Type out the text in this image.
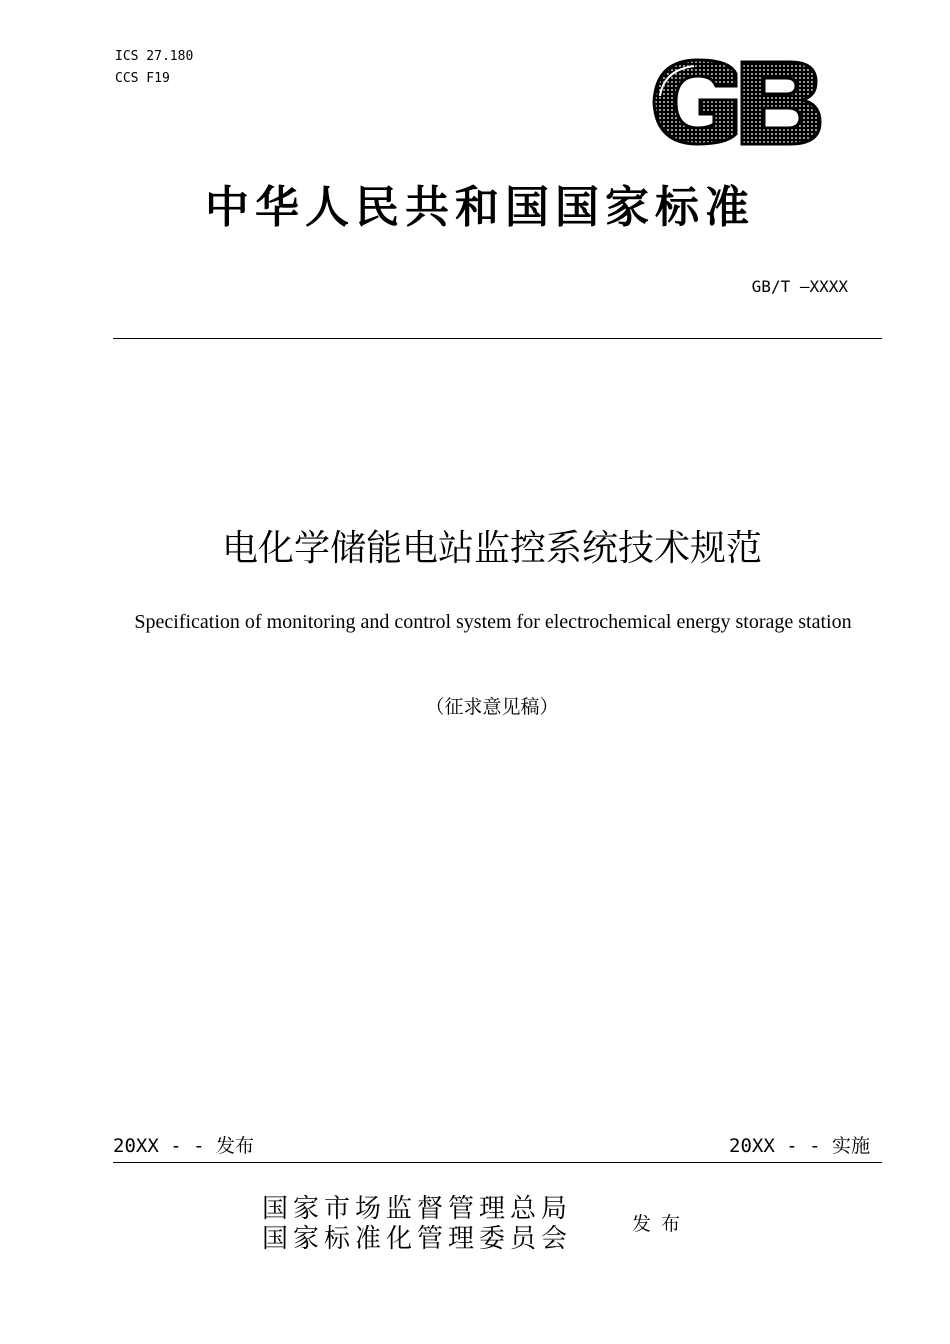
ICS 27.180
CCS F19
中华人民共和国国家标准
GB/T —XXXX
电化学储能电站监控系统技术规范
Specification of monitoring and control system for electrochemical energy storage station
（征求意见稿）
20XX - - 发布	20XX - - 实施
国家市场监督管理总局
国家标准化管理委员会	发布
